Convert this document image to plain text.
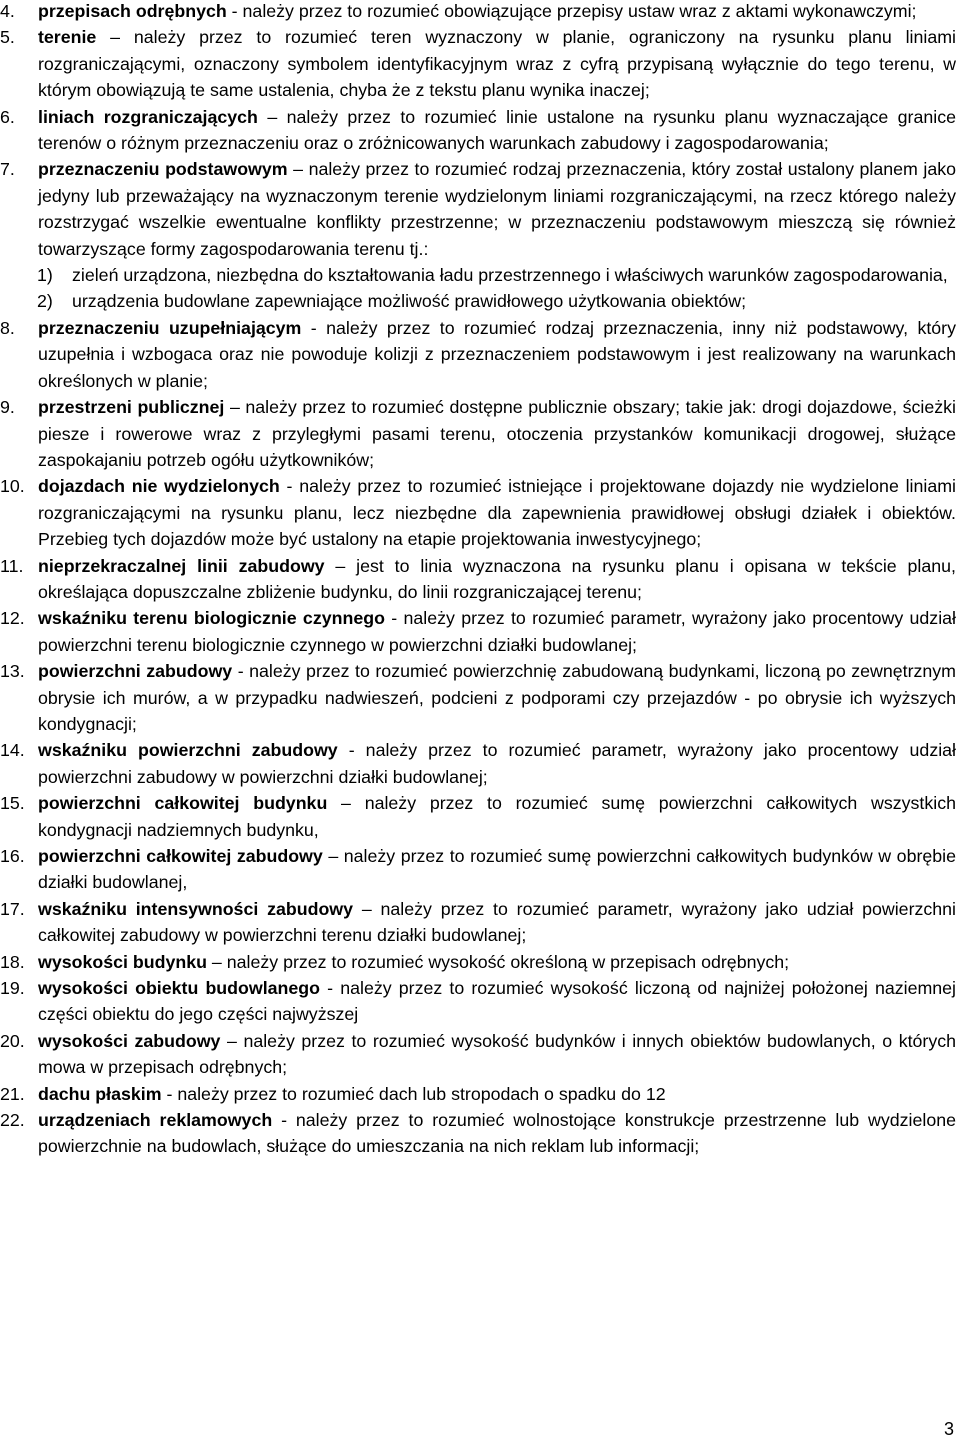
4. przepisach odrębnych - należy przez to rozumieć obowiązujące przepisy ustaw wraz z aktami wykonawczymi;
5. terenie – należy przez to rozumieć teren wyznaczony w planie, ograniczony na rysunku planu liniami rozgraniczającymi, oznaczony symbolem identyfikacyjnym wraz z cyfrą przypisaną wyłącznie do tego terenu, w którym obowiązują te same ustalenia, chyba że z tekstu planu wynika inaczej;
6. liniach rozgraniczających – należy przez to rozumieć linie ustalone na rysunku planu wyznaczające granice terenów o różnym przeznaczeniu oraz o zróżnicowanych warunkach zabudowy i zagospodarowania;
7. przeznaczeniu podstawowym – należy przez to rozumieć rodzaj przeznaczenia, który został ustalony planem jako jedyny lub przeważający na wyznaczonym terenie wydzielonym liniami rozgraniczającymi, na rzecz którego należy rozstrzygać wszelkie ewentualne konflikty przestrzenne; w przeznaczeniu podstawowym mieszczą się również towarzyszące formy zagospodarowania terenu tj.:
1) zieleń urządzona, niezbędna do kształtowania ładu przestrzennego i właściwych warunków zagospodarowania,
2) urządzenia budowlane zapewniające możliwość prawidłowego użytkowania obiektów;
8. przeznaczeniu uzupełniającym - należy przez to rozumieć rodzaj przeznaczenia, inny niż podstawowy, który uzupełnia i wzbogaca oraz nie powoduje kolizji z przeznaczeniem podstawowym i jest realizowany na warunkach określonych w planie;
9. przestrzeni publicznej – należy przez to rozumieć dostępne publicznie obszary; takie jak: drogi dojazdowe, ścieżki piesze i rowerowe wraz z przyległymi pasami terenu, otoczenia przystanków komunikacji drogowej, służące zaspokajaniu potrzeb ogółu użytkowników;
10. dojazdach nie wydzielonych - należy przez to rozumieć istniejące i projektowane dojazdy nie wydzielone liniami rozgraniczającymi na rysunku planu, lecz niezbędne dla zapewnienia prawidłowej obsługi działek i obiektów. Przebieg tych dojazdów może być ustalony na etapie projektowania inwestycyjnego;
11. nieprzekraczalnej linii zabudowy – jest to linia wyznaczona na rysunku planu i opisana w tekście planu, określająca dopuszczalne zbliżenie budynku, do linii rozgraniczającej terenu;
12. wskaźniku terenu biologicznie czynnego - należy przez to rozumieć parametr, wyrażony jako procentowy udział powierzchni terenu biologicznie czynnego w powierzchni działki budowlanej;
13. powierzchni zabudowy - należy przez to rozumieć powierzchnię zabudowaną budynkami, liczoną po zewnętrznym obrysie ich murów, a w przypadku nadwieszeń, podcieni z podporami czy przejazdów - po obrysie ich wyższych kondygnacji;
14. wskaźniku powierzchni zabudowy - należy przez to rozumieć parametr, wyrażony jako procentowy udział powierzchni zabudowy w powierzchni działki budowlanej;
15. powierzchni całkowitej budynku – należy przez to rozumieć sumę powierzchni całkowitych wszystkich kondygnacji nadziemnych budynku,
16. powierzchni całkowitej zabudowy – należy przez to rozumieć sumę powierzchni całkowitych budynków w obrębie działki budowlanej,
17. wskaźniku intensywności zabudowy – należy przez to rozumieć parametr, wyrażony jako udział powierzchni całkowitej zabudowy w powierzchni terenu działki budowlanej;
18. wysokości budynku – należy przez to rozumieć wysokość określoną w przepisach odrębnych;
19. wysokości obiektu budowlanego - należy przez to rozumieć wysokość liczoną od najniżej położonej naziemnej części obiektu do jego części najwyższej
20. wysokości zabudowy – należy przez to rozumieć wysokość budynków i innych obiektów budowlanych, o których mowa w przepisach odrębnych;
21. dachu płaskim - należy przez to rozumieć dach lub stropodach o spadku do 12
22. urządzeniach reklamowych - należy przez to rozumieć wolnostojące konstrukcje przestrzenne lub wydzielone powierzchnie na budowlach, służące do umieszczania na nich reklam lub informacji;
3
